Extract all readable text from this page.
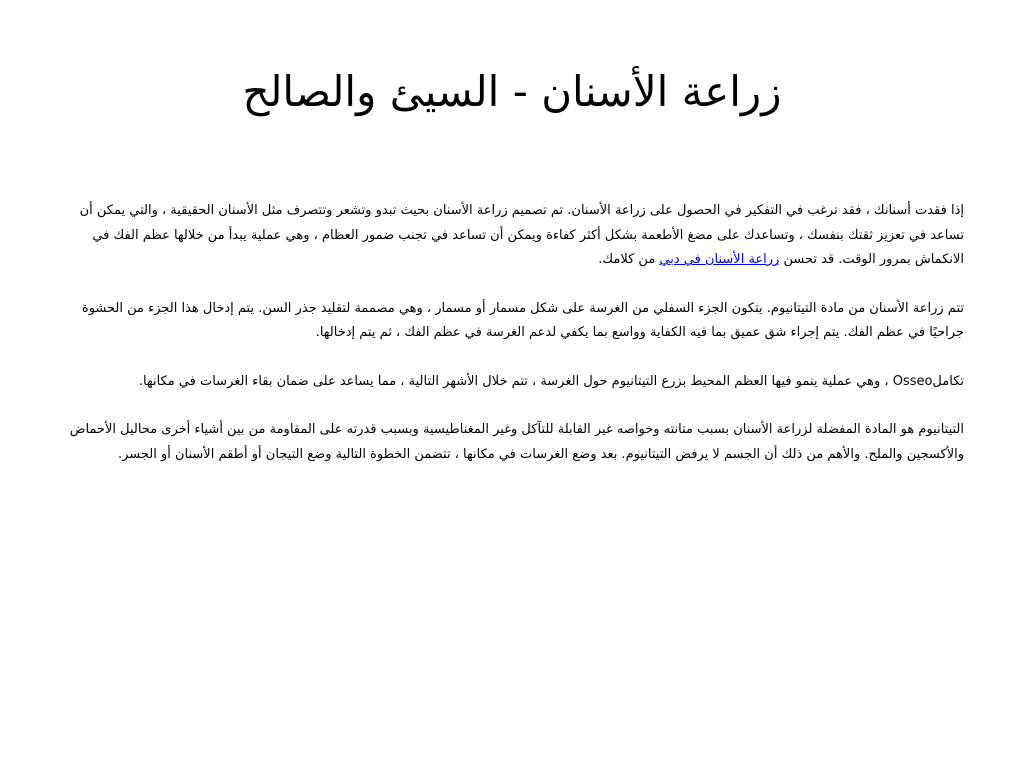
زراعة الأسنان - السيئ والصالح

إذا فقدت أسنانك ، فقد ترغب في التفكير في الحصول على زراعة الأسنان. تم تصميم زراعة الأسنان بحيث تبدو وتشعر وتتصرف مثل الأسنان الحقيقية ، والتي يمكن أن تساعد في تعزيز ثقتك بنفسك ، وتساعدك على مضغ الأطعمة بشكل أكثر كفاءة ويمكن أن تساعد في تجنب ضمور العظام ، وهي عملية يبدأ من خلالها عظم الفك في الانكماش بمرور الوقت. قد تحسن زراعة الأسنان في دبي من كلامك.

تتم زراعة الأسنان من مادة التيتانيوم. يتكون الجزء السفلي من الغرسة على شكل مسمار أو مسمار ، وهي مصممة لتقليد جذر السن. يتم إدخال هذا الجزء من الحشوة جراحيًا في عظم الفك. يتم إجراء شق عميق بما فيه الكفاية وواسع بما يكفي لدعم الغرسة في عظم الفك ، ثم يتم إدخالها.

تكاملOsseo ، وهي عملية ينمو فيها العظم المحيط بزرع التيتانيوم حول الغرسة ، تتم خلال الأشهر التالية ، مما يساعد على ضمان بقاء الغرسات في مكانها.

التيتانيوم هو المادة المفضلة لزراعة الأسنان بسبب متانته وخواصه غير القابلة للتآكل وغير المغناطيسية وبسبب قدرته على المقاومة من بين أشياء أخرى محاليل الأحماض والأكسجين والملح. والأهم من ذلك أن الجسم لا يرفض التيتانيوم. بعد وضع الغرسات في مكانها ، تتضمن الخطوة التالية وضع التيجان أو أطقم الأسنان أو الجسر.
